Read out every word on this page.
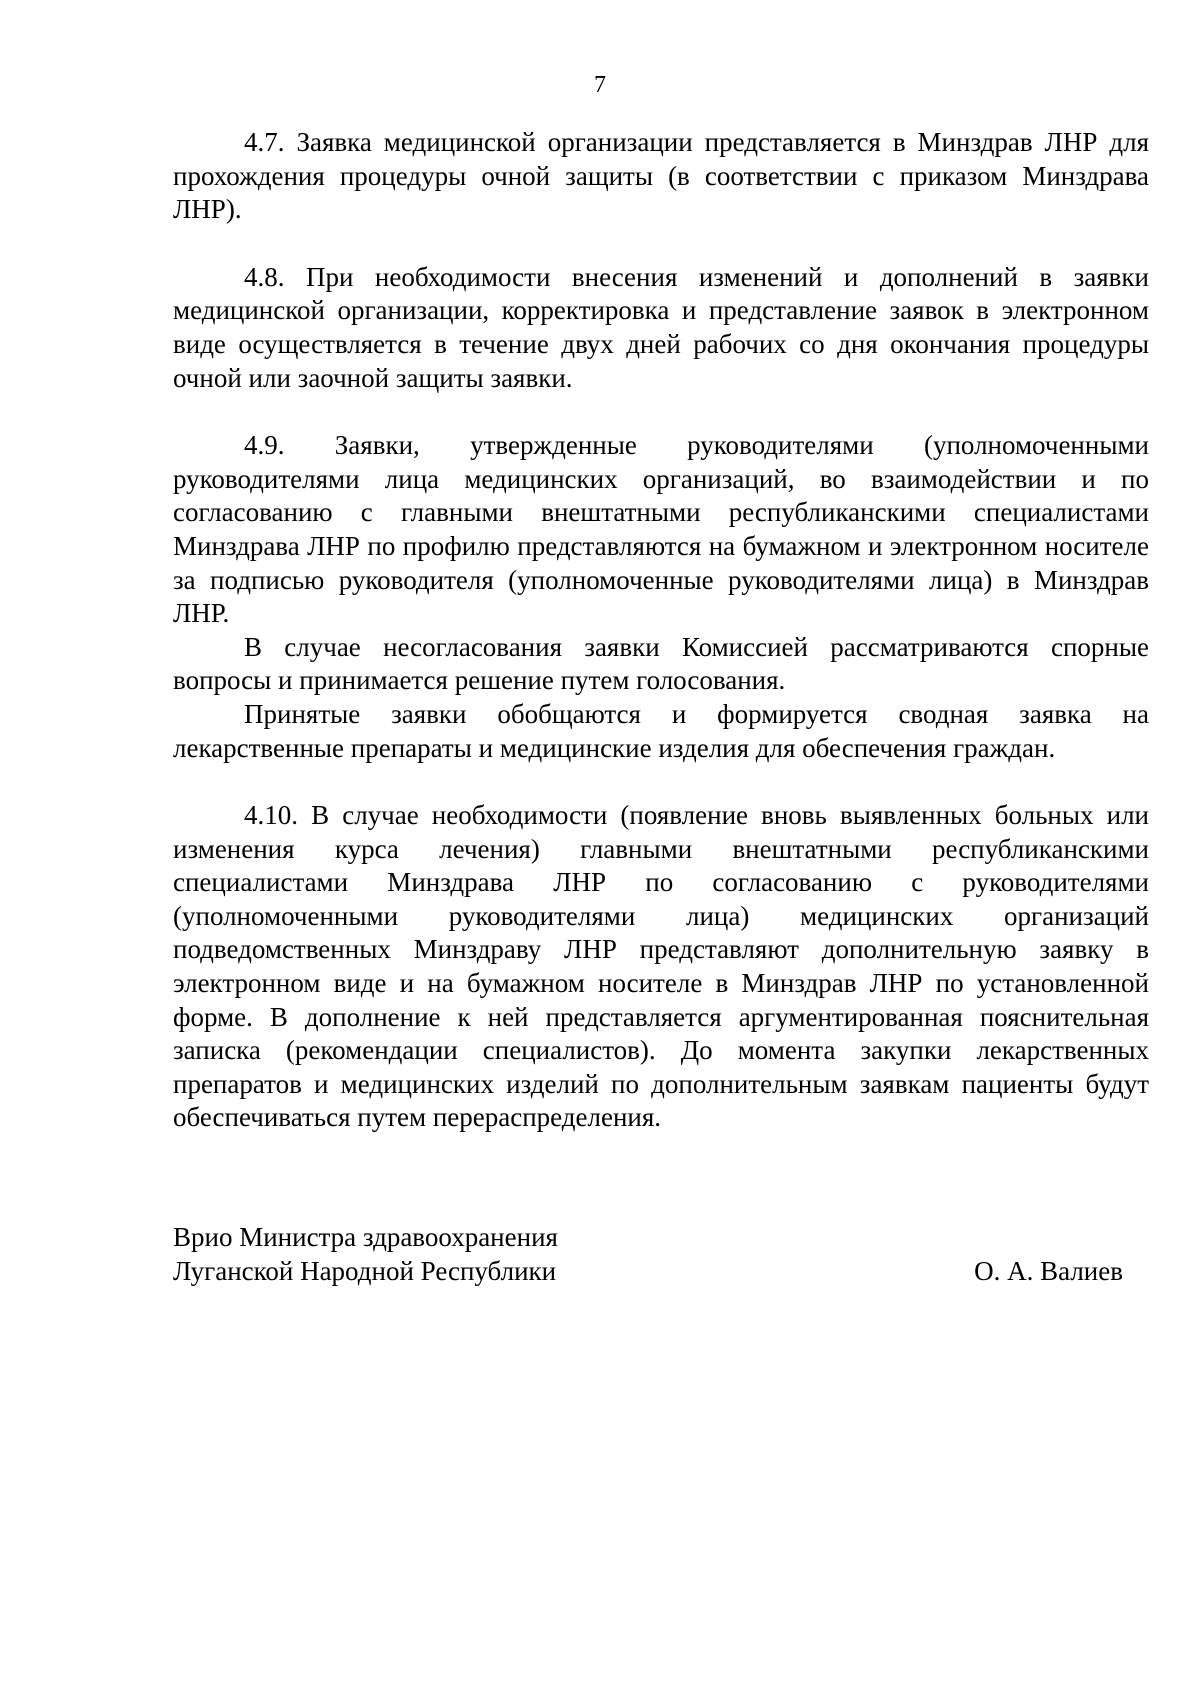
7

4.7. Заявка медицинской организации представляется в Минздрав ЛНР для прохождения процедуры очной защиты (в соответствии с приказом Минздрава ЛНР).

4.8. При необходимости внесения изменений и дополнений в заявки медицинской организации, корректировка и представление заявок в электронном виде осуществляется в течение двух дней рабочих со дня окончания процедуры очной или заочной защиты заявки.

4.9. Заявки, утвержденные руководителями (уполномоченными руководителями лица медицинских организаций, во взаимодействии и по согласованию с главными внештатными республиканскими специалистами Минздрава ЛНР по профилю представляются на бумажном и электронном носителе за подписью руководителя (уполномоченные руководителями лица) в Минздрав ЛНР.

В случае несогласования заявки Комиссией рассматриваются спорные вопросы и принимается решение путем голосования.

Принятые заявки обобщаются и формируется сводная заявка на лекарственные препараты и медицинские изделия для обеспечения граждан.

4.10. В случае необходимости (появление вновь выявленных больных или изменения курса лечения) главными внештатными республиканскими специалистами Минздрава ЛНР по согласованию с руководителями (уполномоченными руководителями лица) медицинских организаций подведомственных Минздраву ЛНР представляют дополнительную заявку в электронном виде и на бумажном носителе в Минздрав ЛНР по установленной форме. В дополнение к ней представляется аргументированная пояснительная записка (рекомендации специалистов). До момента закупки лекарственных препаратов и медицинских изделий по дополнительным заявкам пациенты будут обеспечиваться путем перераспределения.

Врио Министра здравоохранения
Луганской Народной Республики	О. А. Валиев
